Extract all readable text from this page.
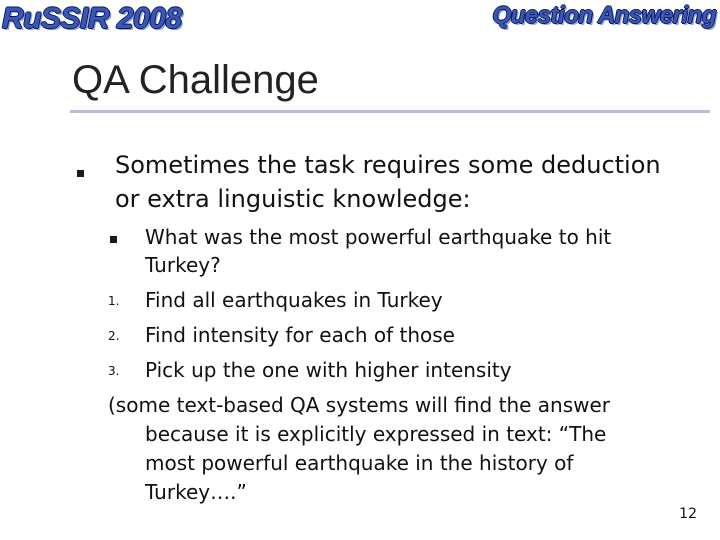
RuSSIR 2008	Question Answering
QA Challenge
Sometimes the task requires some deduction
or extra linguistic knowledge:
What was the most powerful earthquake to hit
Turkey?
1. Find all earthquakes in Turkey
2. Find intensity for each of those
3. Pick up the one with higher intensity
(some text-based QA systems will find the answer
because it is explicitly expressed in text: “The
most powerful earthquake in the history of
Turkey….”
12
